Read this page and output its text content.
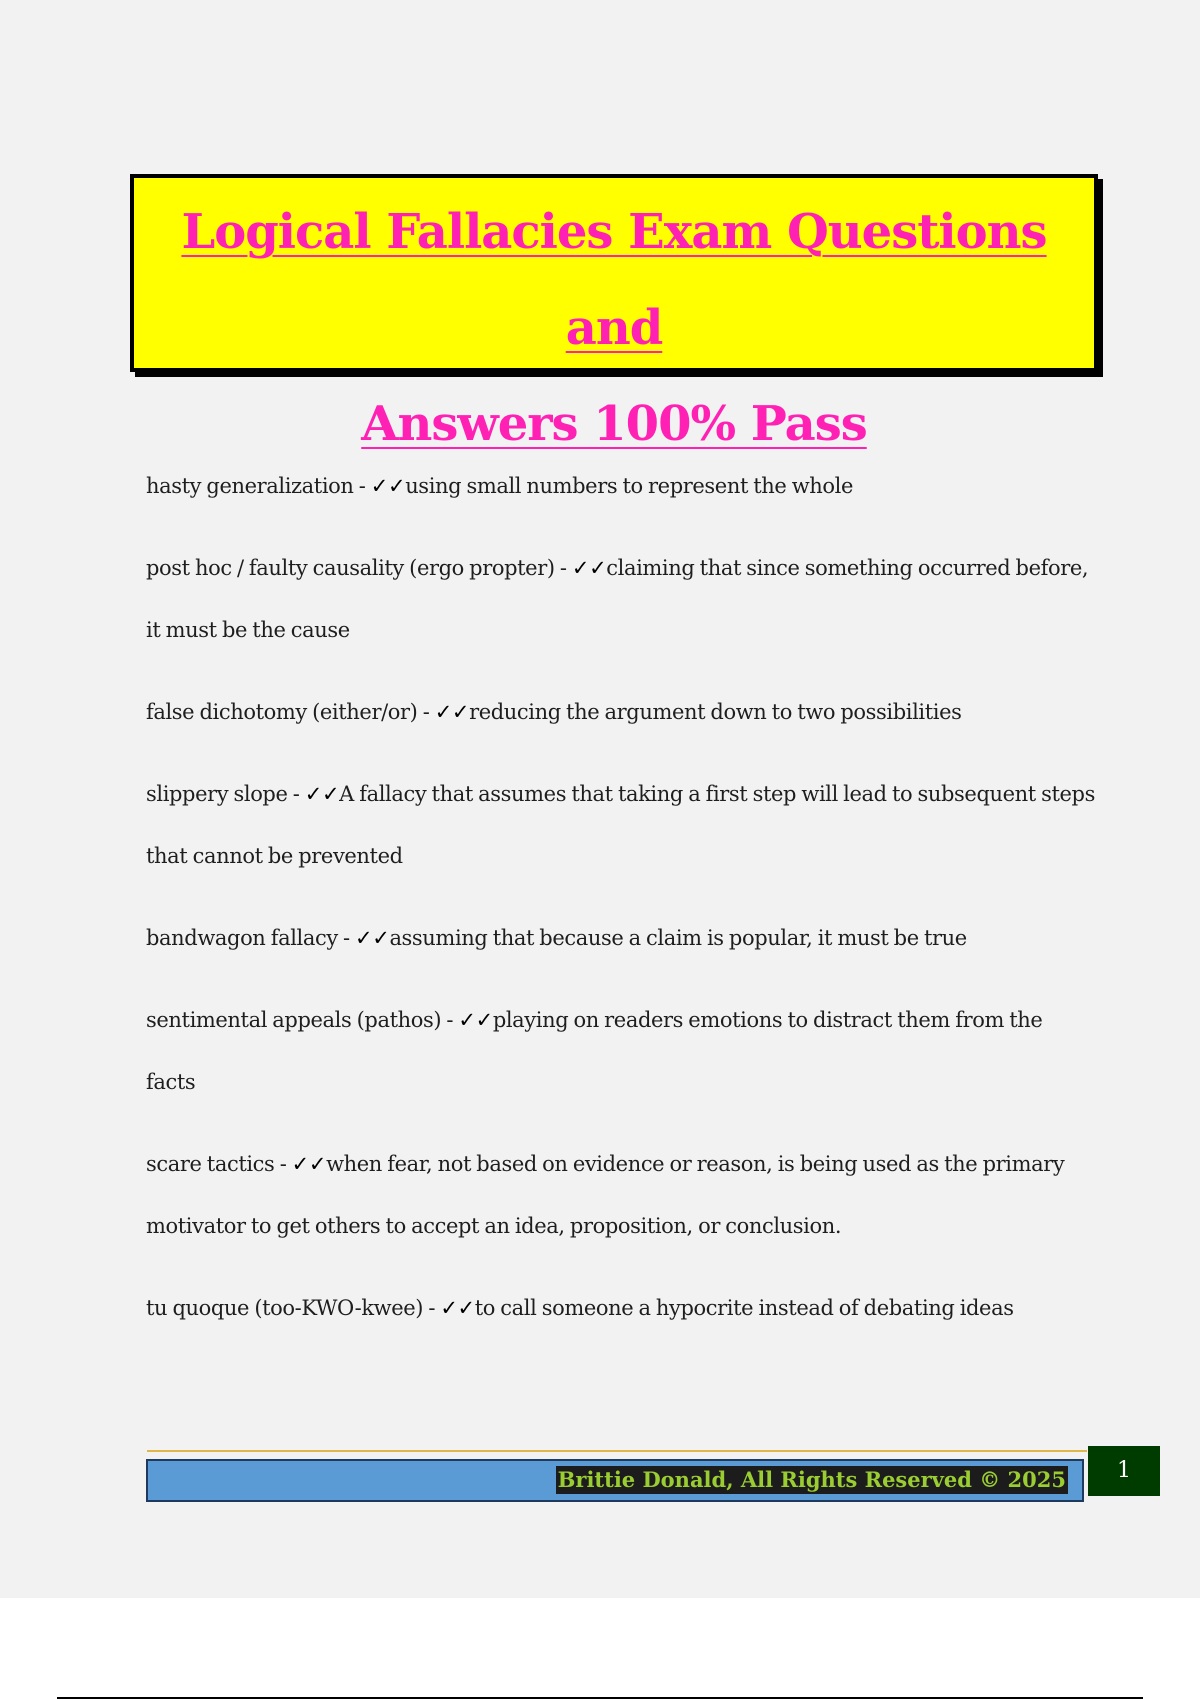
Logical Fallacies Exam Questions and
Answers 100% Pass
hasty generalization - ✓✓using small numbers to represent the whole
post hoc / faulty causality (ergo propter) - ✓✓claiming that since something occurred before, it must be the cause
false dichotomy (either/or) - ✓✓reducing the argument down to two possibilities
slippery slope - ✓✓A fallacy that assumes that taking a first step will lead to subsequent steps that cannot be prevented
bandwagon fallacy - ✓✓assuming that because a claim is popular, it must be true
sentimental appeals (pathos) - ✓✓playing on readers emotions to distract them from the facts
scare tactics - ✓✓when fear, not based on evidence or reason, is being used as the primary motivator to get others to accept an idea, proposition, or conclusion.
tu quoque (too-KWO-kwee) - ✓✓to call someone a hypocrite instead of debating ideas
Brittie Donald, All Rights Reserved © 2025	1
